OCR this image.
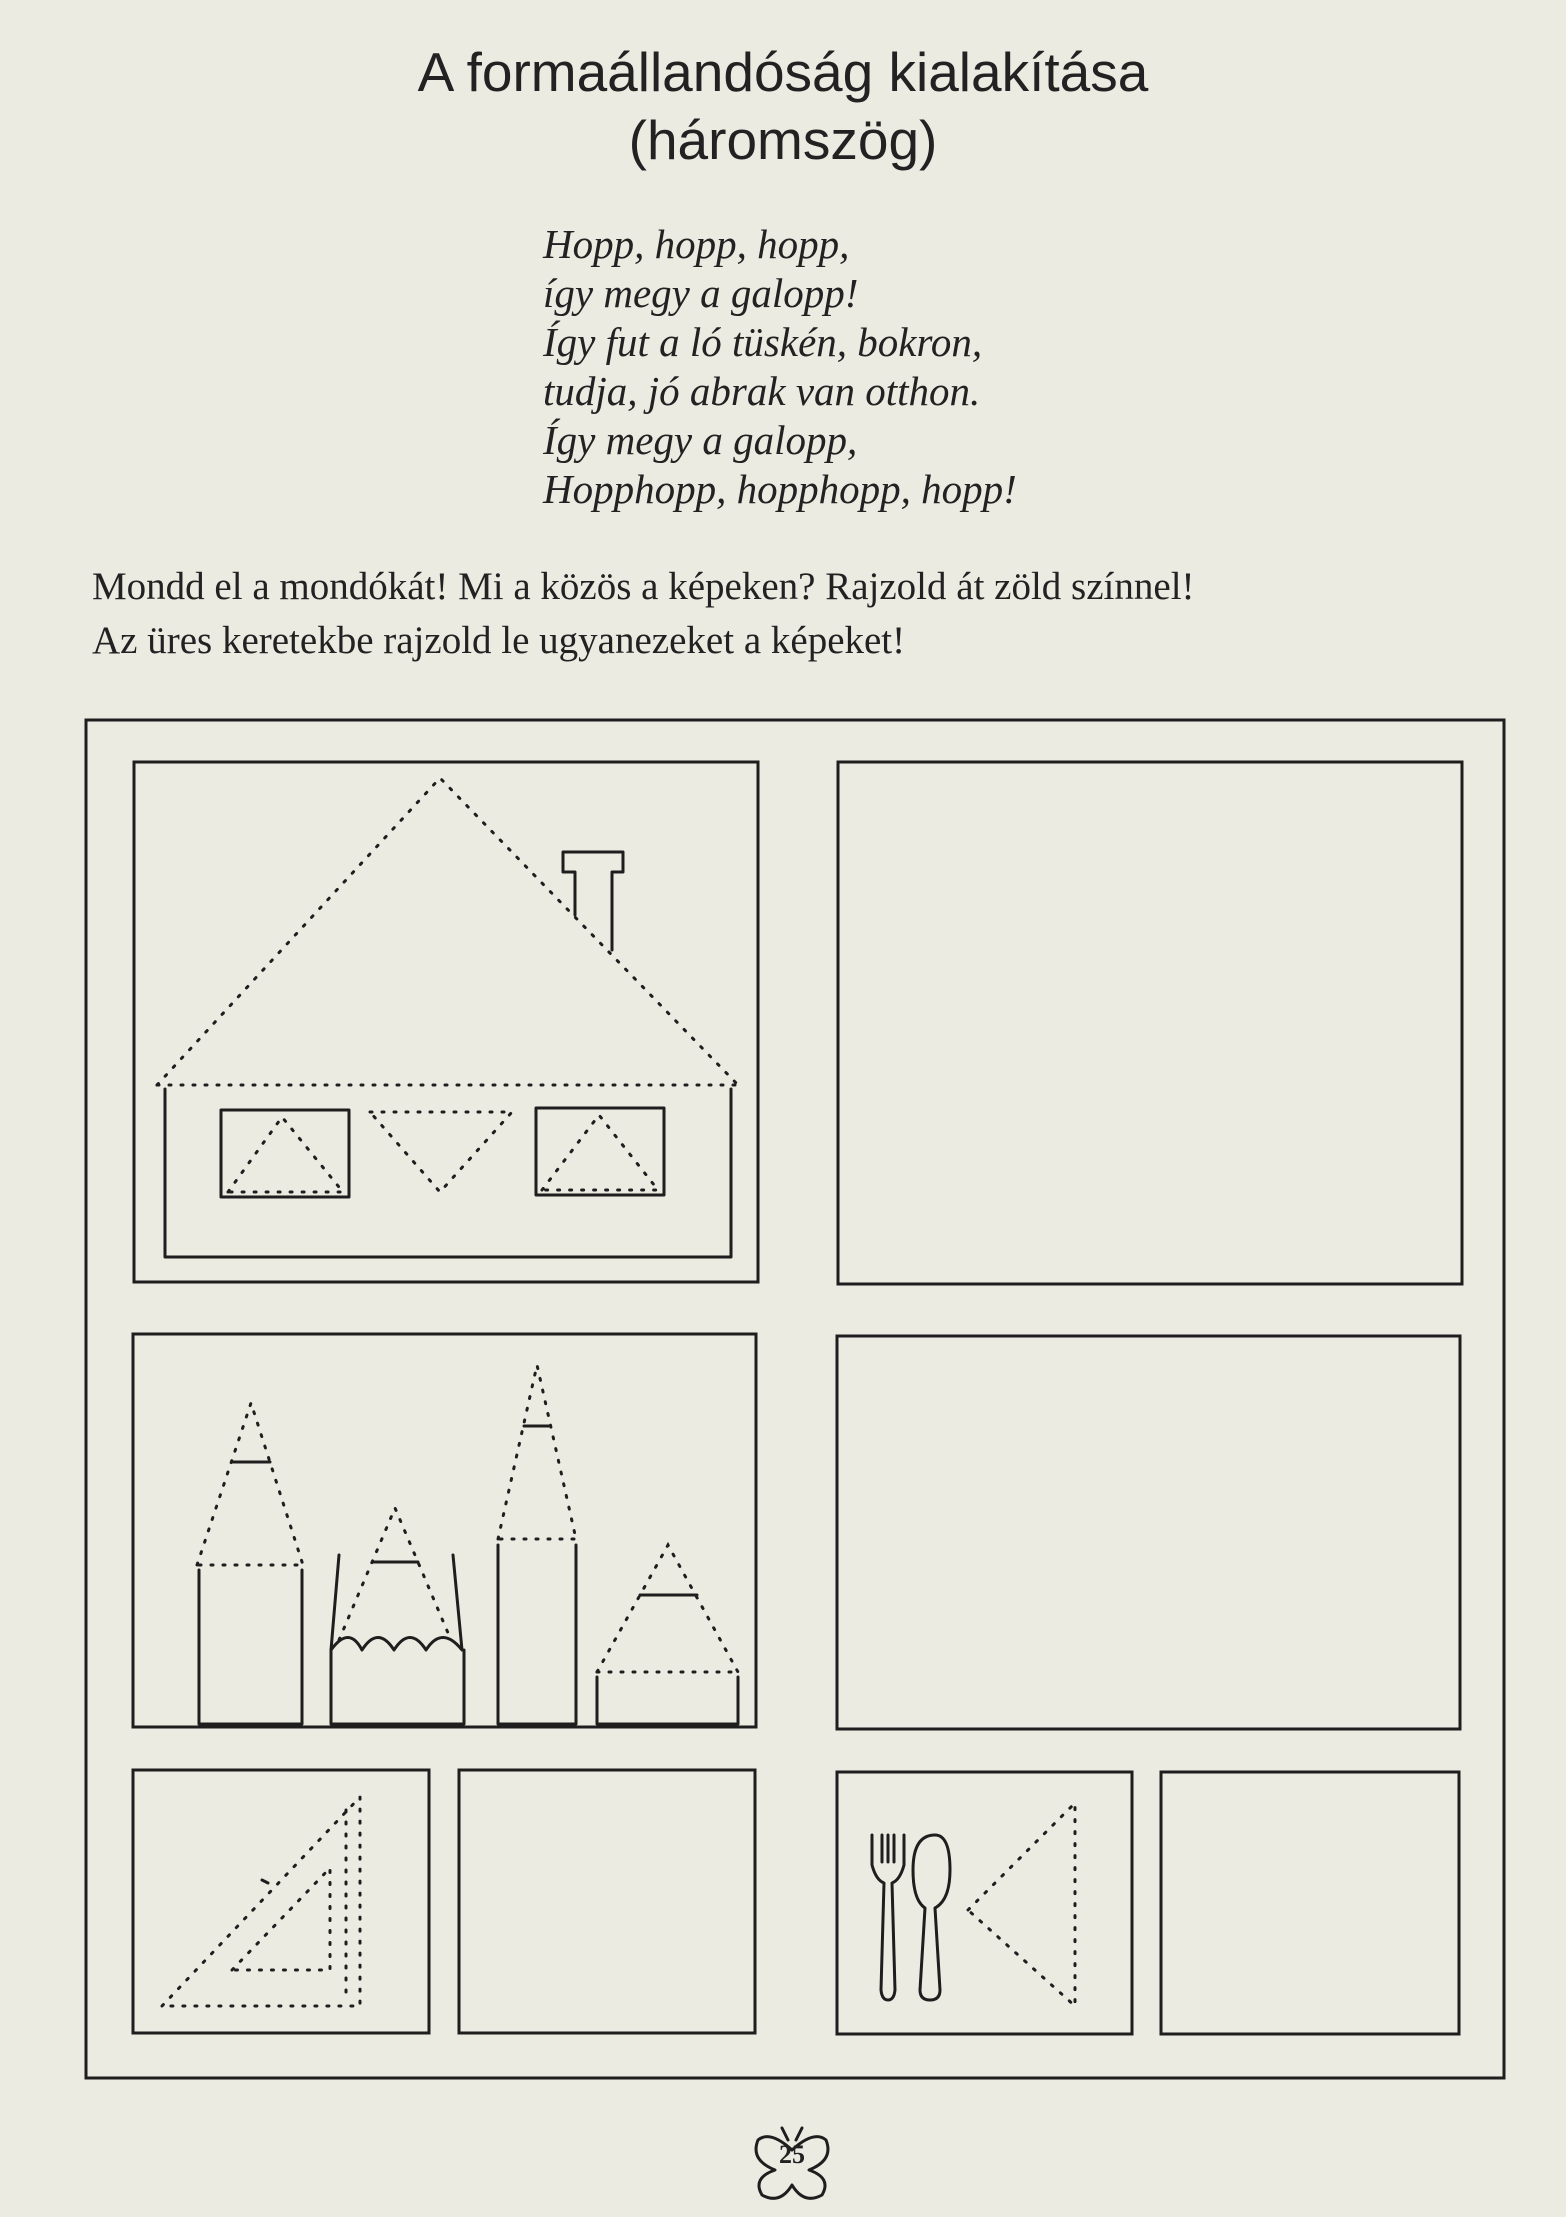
A formaállandóság kialakítása
(háromszög)
Hopp, hopp, hopp,
így megy a galopp!
Így fut a ló tüskén, bokron,
tudja, jó abrak van otthon.
Így megy a galopp,
Hopphopp, hopphopp, hopp!
Mondd el a mondókát! Mi a közös a képeken? Rajzold át zöld színnel!
Az üres keretekbe rajzold le ugyanezeket a képeket!
25
